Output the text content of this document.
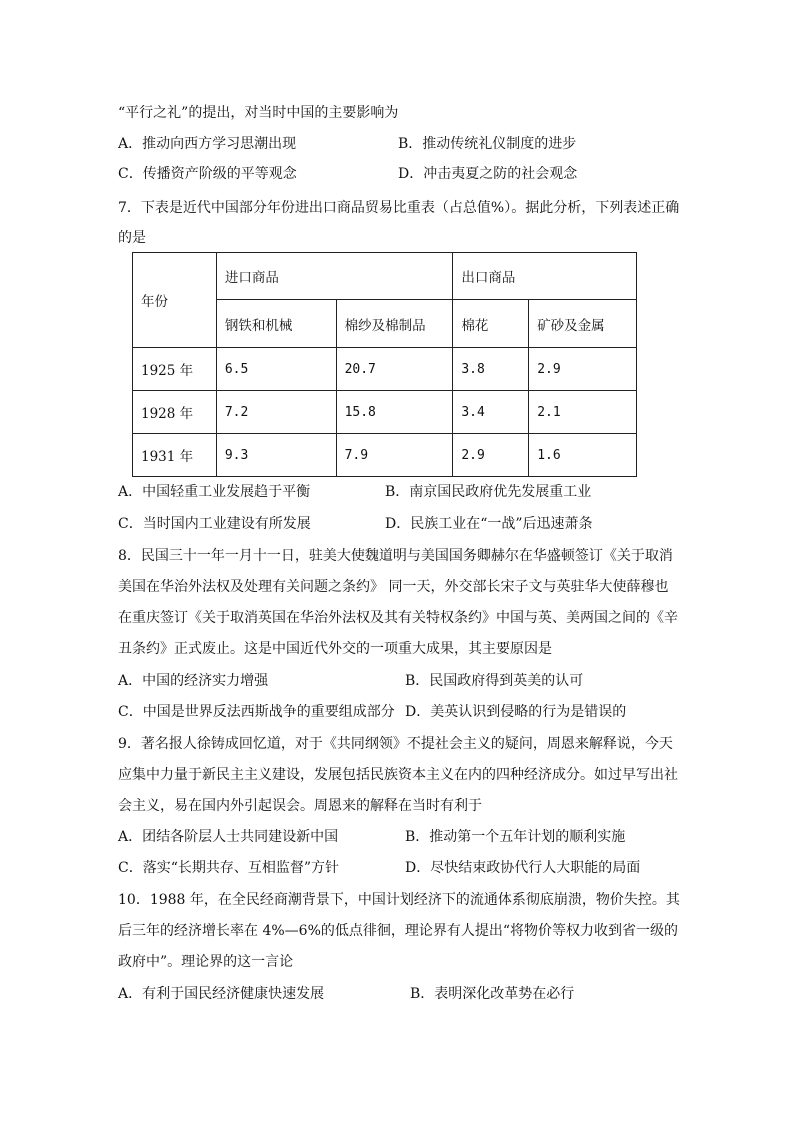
“平行之礼”的提出，对当时中国的主要影响为
A．推动向西方学习思潮出现	B．推动传统礼仪制度的进步
C．传播资产阶级的平等观念	D．冲击夷夏之防的社会观念
7．下表是近代中国部分年份进出口商品贸易比重表（占总值%）。据此分析，下列表述正确
的是
年份	进口商品		出口商品	
	钢铁和机械	棉纱及棉制品	棉花	矿砂及金属
1925 年	6.5	20.7	3.8	2.9
1928 年	7.2	15.8	3.4	2.1
1931 年	9.3	7.9	2.9	1.6
A．中国轻重工业发展趋于平衡	B．南京国民政府优先发展重工业
C．当时国内工业建设有所发展	D．民族工业在“一战”后迅速萧条
8．民国三十一年一月十一日，驻美大使魏道明与美国国务卿赫尔在华盛顿签订《关于取消
美国在华治外法权及处理有关问题之条约》 同一天，外交部长宋子文与英驻华大使薛穆也
在重庆签订《关于取消英国在华治外法权及其有关特权条约》中国与英、美两国之间的《辛
丑条约》正式废止。这是中国近代外交的一项重大成果，其主要原因是
A．中国的经济实力增强	B．民国政府得到英美的认可
C．中国是世界反法西斯战争的重要组成部分 D．美英认识到侵略的行为是错误的
9．著名报人徐铸成回忆道，对于《共同纲领》不提社会主义的疑问，周恩来解释说，今天
应集中力量于新民主主义建设，发展包括民族资本主义在内的四种经济成分。如过早写出社
会主义，易在国内外引起误会。周恩来的解释在当时有利于
A．团结各阶层人士共同建设新中国	B．推动第一个五年计划的顺利实施
C．落实“长期共存、互相监督”方针	D．尽快结束政协代行人大职能的局面
10．1988 年，在全民经商潮背景下，中国计划经济下的流通体系彻底崩溃，物价失控。其
后三年的经济增长率在 4%—6%的低点徘徊，理论界有人提出“将物价等权力收到省一级的
政府中”。理论界的这一言论
A．有利于国民经济健康快速发展	B．表明深化改革势在必行
